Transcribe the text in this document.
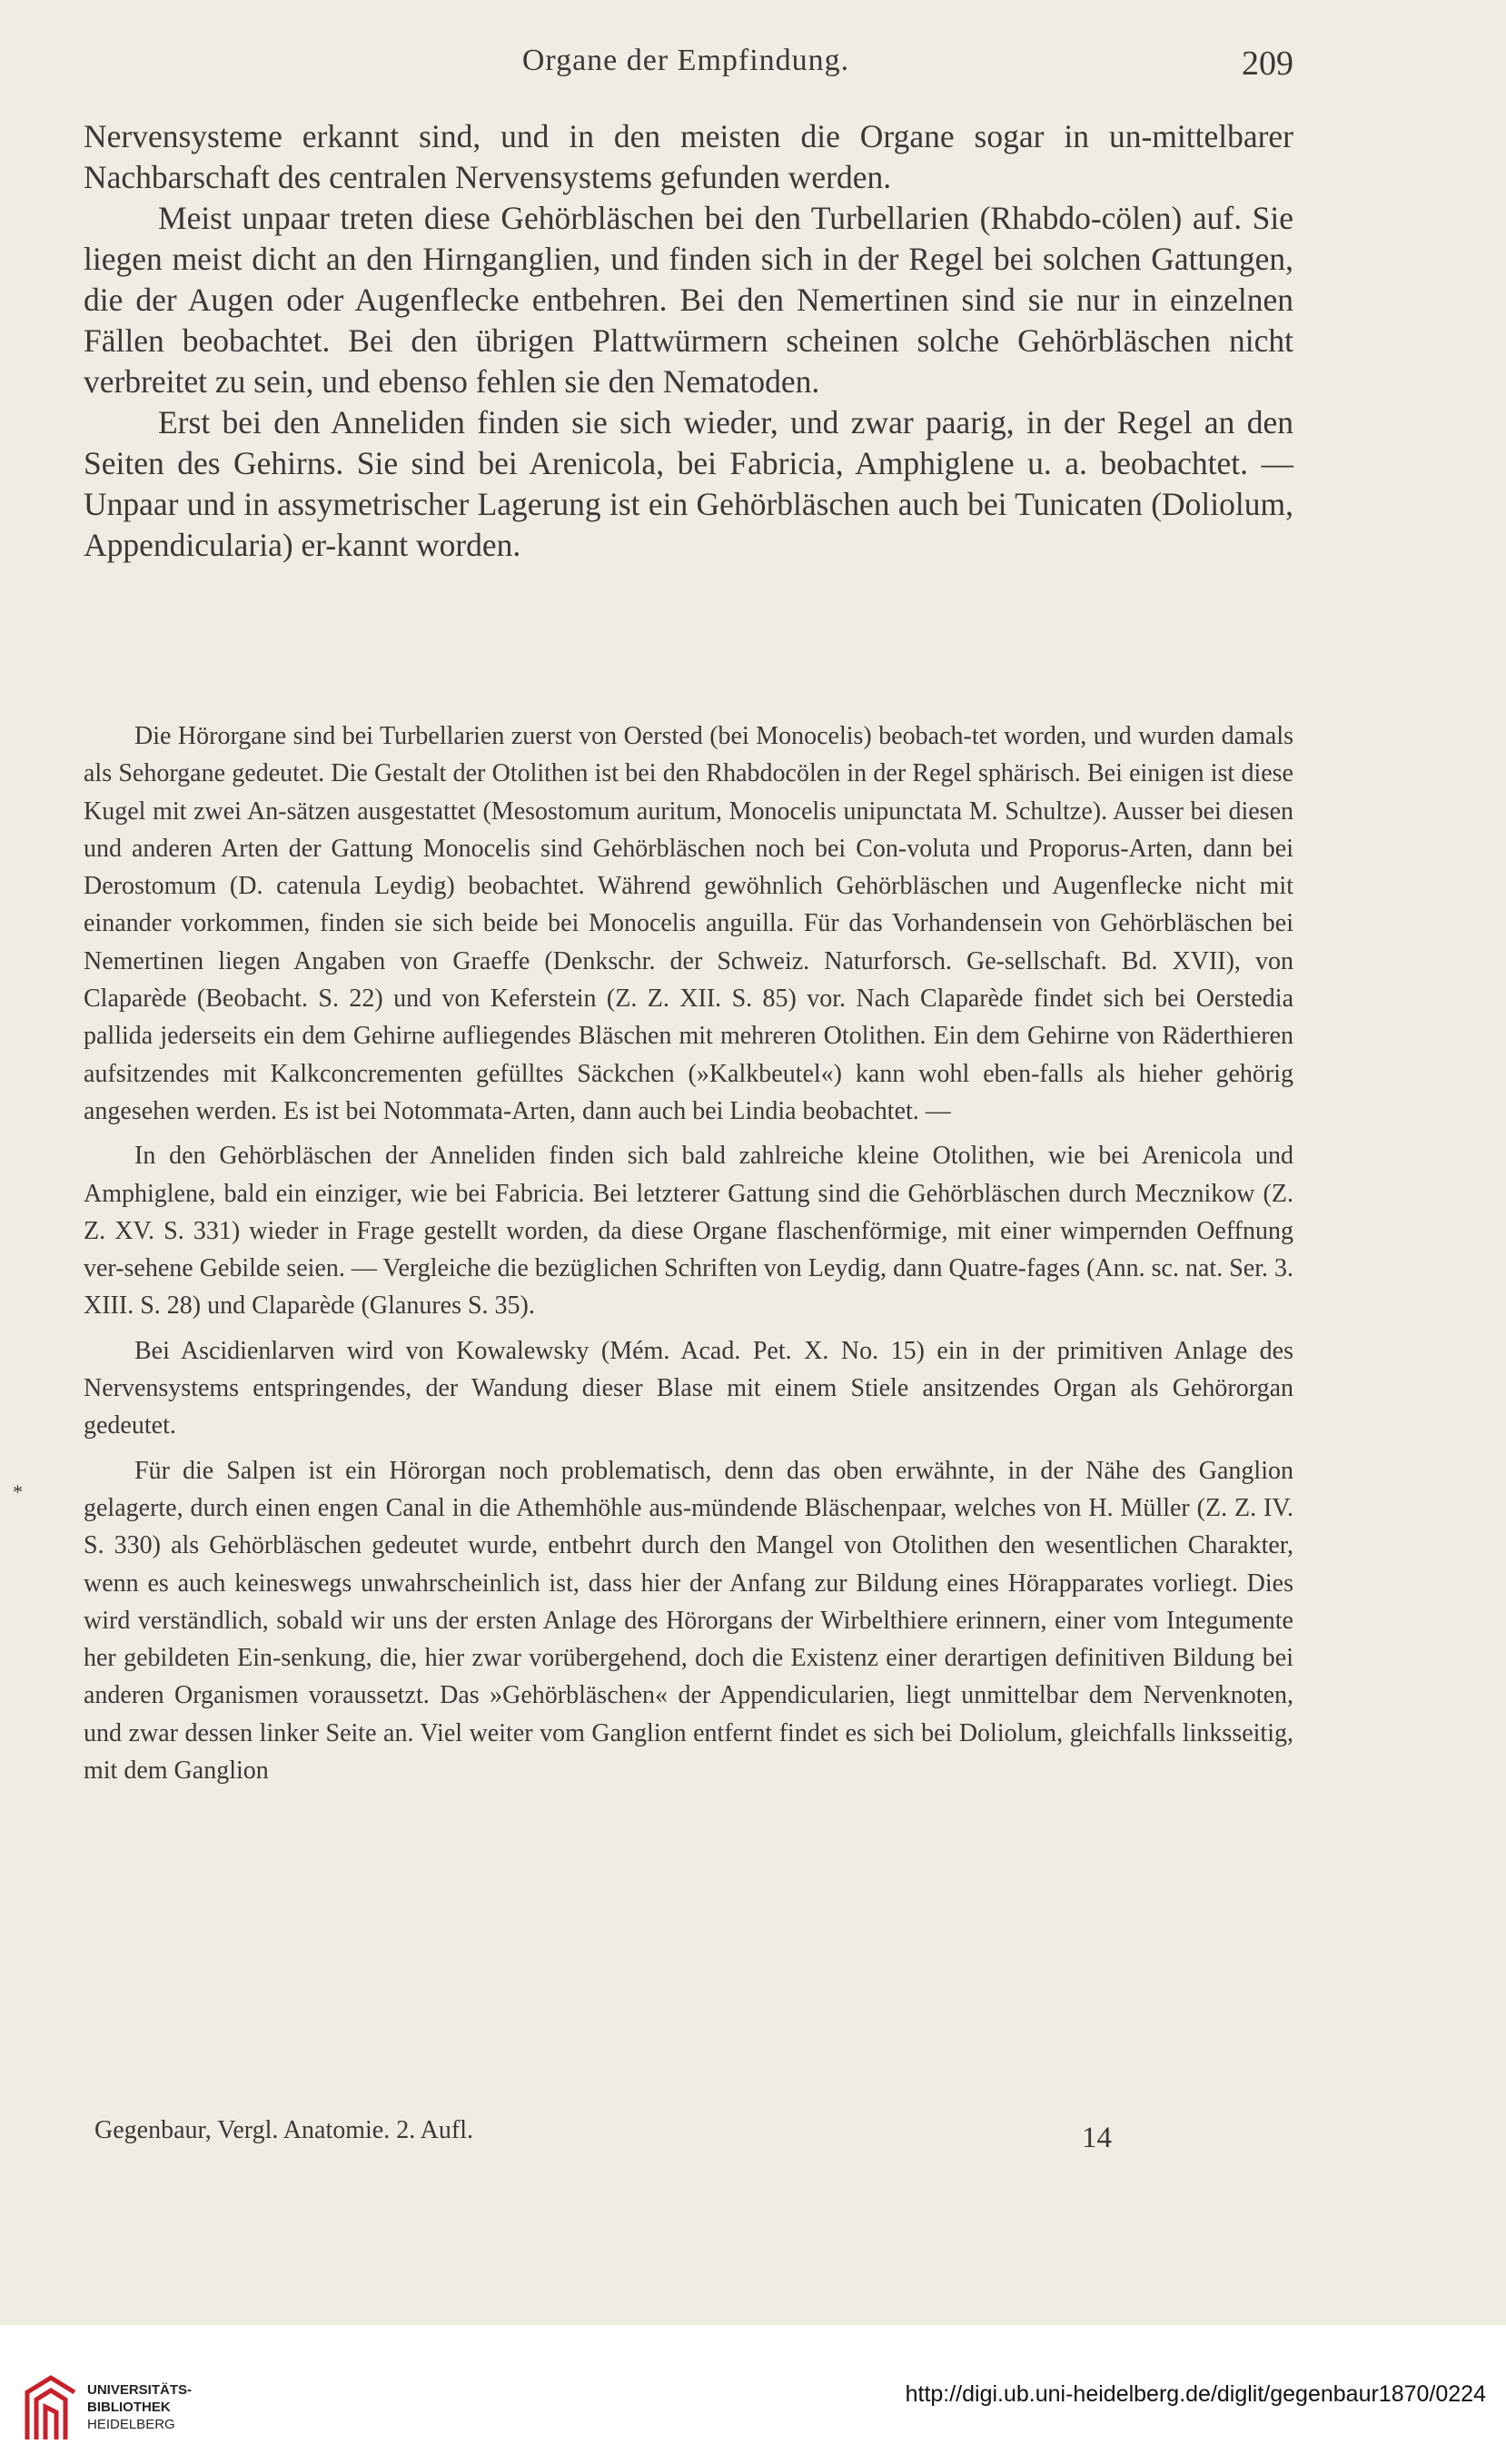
Organe der Empfindung.	209

Nervensysteme erkannt sind, und in den meisten die Organe sogar in un-mittelbarer Nachbarschaft des centralen Nervensystems gefunden werden.

Meist unpaar treten diese Gehörbläschen bei den Turbellarien (Rhabdo-cölen) auf. Sie liegen meist dicht an den Hirnganglien, und finden sich in der Regel bei solchen Gattungen, die der Augen oder Augenflecke entbehren. Bei den Nemertinen sind sie nur in einzelnen Fällen beobachtet. Bei den übrigen Plattwürmern scheinen solche Gehörbläschen nicht verbreitet zu sein, und ebenso fehlen sie den Nematoden.

Erst bei den Anneliden finden sie sich wieder, und zwar paarig, in der Regel an den Seiten des Gehirns. Sie sind bei Arenicola, bei Fabricia, Amphiglene u. a. beobachtet. — Unpaar und in assymetrischer Lagerung ist ein Gehörbläschen auch bei Tunicaten (Doliolum, Appendicularia) er-kannt worden.

Die Hörorgane sind bei Turbellarien zuerst von Oersted (bei Monocelis) beobach-tet worden, und wurden damals als Sehorgane gedeutet. Die Gestalt der Otolithen ist bei den Rhabdocölen in der Regel sphärisch. Bei einigen ist diese Kugel mit zwei An-sätzen ausgestattet (Mesostomum auritum, Monocelis unipunctata M. Schultze). Ausser bei diesen und anderen Arten der Gattung Monocelis sind Gehörbläschen noch bei Con-voluta und Proporus-Arten, dann bei Derostomum (D. catenula Leydig) beobachtet. Während gewöhnlich Gehörbläschen und Augenflecke nicht mit einander vorkommen, finden sie sich beide bei Monocelis anguilla. Für das Vorhandensein von Gehörbläschen bei Nemertinen liegen Angaben von Graeffe (Denkschr. der Schweiz. Naturforsch. Ge-sellschaft. Bd. XVII), von Claparède (Beobacht. S. 22) und von Keferstein (Z. Z. XII. S. 85) vor. Nach Claparède findet sich bei Oerstedia pallida jederseits ein dem Gehirne aufliegendes Bläschen mit mehreren Otolithen. Ein dem Gehirne von Räderthieren aufsitzendes mit Kalkconcrementen gefülltes Säckchen (»Kalkbeutel«) kann wohl eben-falls als hieher gehörig angesehen werden. Es ist bei Notommata-Arten, dann auch bei Lindia beobachtet. —

In den Gehörbläschen der Anneliden finden sich bald zahlreiche kleine Otolithen, wie bei Arenicola und Amphiglene, bald ein einziger, wie bei Fabricia. Bei letzterer Gattung sind die Gehörbläschen durch Mecznikow (Z. Z. XV. S. 331) wieder in Frage gestellt worden, da diese Organe flaschenförmige, mit einer wimpernden Oeffnung ver-sehene Gebilde seien. — Vergleiche die bezüglichen Schriften von Leydig, dann Quatre-fages (Ann. sc. nat. Ser. 3. XIII. S. 28) und Claparède (Glanures S. 35).

Bei Ascidienlarven wird von Kowalewsky (Mém. Acad. Pet. X. No. 15) ein in der primitiven Anlage des Nervensystems entspringendes, der Wandung dieser Blase mit einem Stiele ansitzendes Organ als Gehörorgan gedeutet.

Für die Salpen ist ein Hörorgan noch problematisch, denn das oben erwähnte, in der Nähe des Ganglion gelagerte, durch einen engen Canal in die Athemhöhle aus-mündende Bläschenpaar, welches von H. Müller (Z. Z. IV. S. 330) als Gehörbläschen gedeutet wurde, entbehrt durch den Mangel von Otolithen den wesentlichen Charakter, wenn es auch keineswegs unwahrscheinlich ist, dass hier der Anfang zur Bildung eines Hörapparates vorliegt. Dies wird verständlich, sobald wir uns der ersten Anlage des Hörorgans der Wirbelthiere erinnern, einer vom Integumente her gebildeten Ein-senkung, die, hier zwar vorübergehend, doch die Existenz einer derartigen definitiven Bildung bei anderen Organismen voraussetzt. Das »Gehörbläschen« der Appendicularien, liegt unmittelbar dem Nervenknoten, und zwar dessen linker Seite an. Viel weiter vom Ganglion entfernt findet es sich bei Doliolum, gleichfalls linksseitig, mit dem Ganglion

*
Gegenbaur, Vergl. Anatomie. 2. Aufl.	14
UNIVERSITÄTS-
BIBLIOTHEK
HEIDELBERG
http://digi.ub.uni-heidelberg.de/diglit/gegenbaur1870/0224
